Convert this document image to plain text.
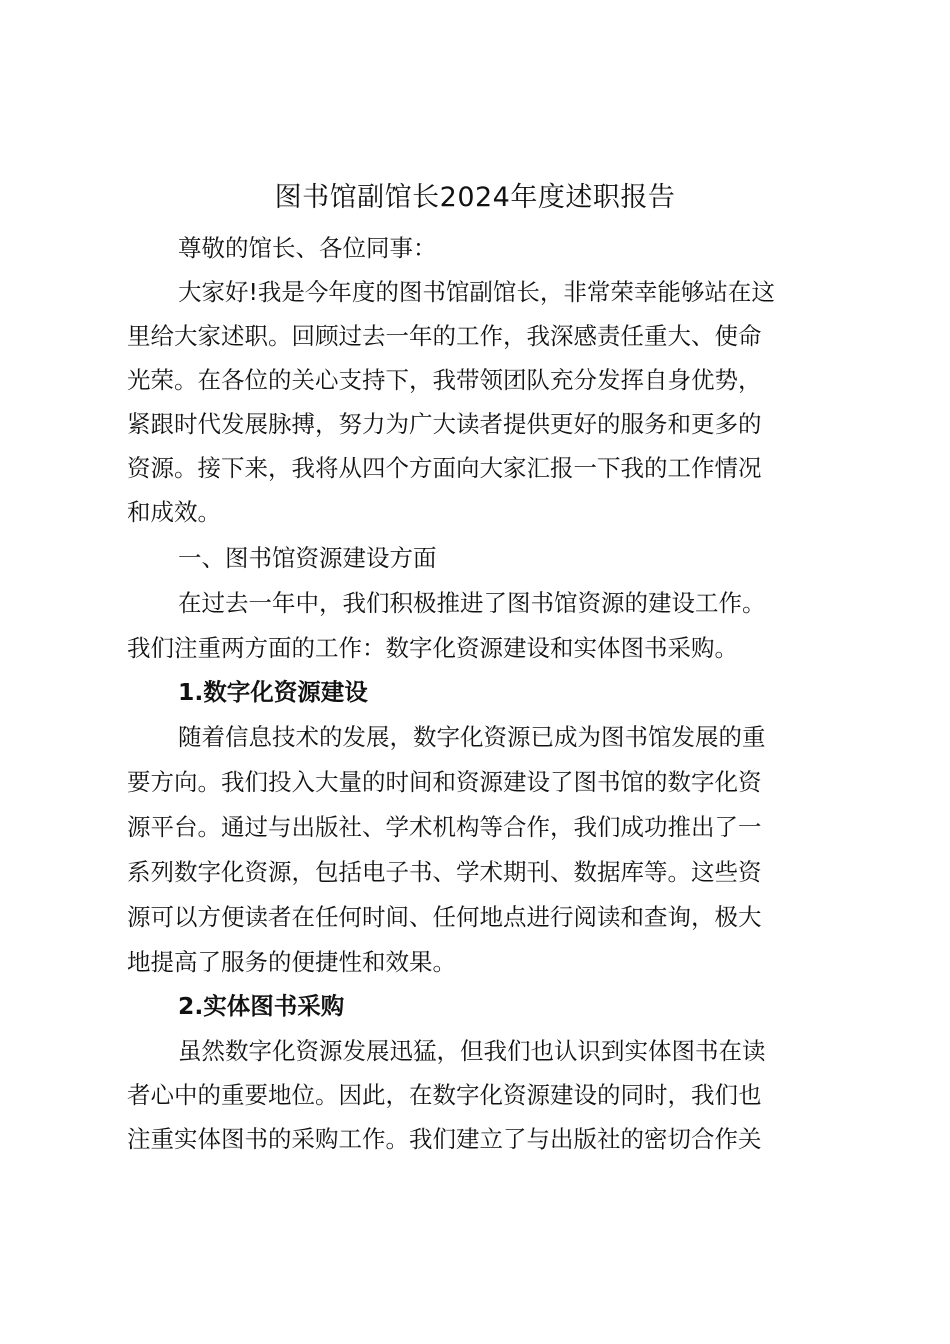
图书馆副馆长2024年度述职报告
尊敬的馆长、各位同事：
大家好!我是今年度的图书馆副馆长，非常荣幸能够站在这
里给大家述职。回顾过去一年的工作，我深感责任重大、使命
光荣。在各位的关心支持下，我带领团队充分发挥自身优势，
紧跟时代发展脉搏，努力为广大读者提供更好的服务和更多的
资源。接下来，我将从四个方面向大家汇报一下我的工作情况
和成效。
一、图书馆资源建设方面
在过去一年中，我们积极推进了图书馆资源的建设工作。
我们注重两方面的工作：数字化资源建设和实体图书采购。
1.数字化资源建设
随着信息技术的发展，数字化资源已成为图书馆发展的重
要方向。我们投入大量的时间和资源建设了图书馆的数字化资
源平台。通过与出版社、学术机构等合作，我们成功推出了一
系列数字化资源，包括电子书、学术期刊、数据库等。这些资
源可以方便读者在任何时间、任何地点进行阅读和查询，极大
地提高了服务的便捷性和效果。
2.实体图书采购
虽然数字化资源发展迅猛，但我们也认识到实体图书在读
者心中的重要地位。因此，在数字化资源建设的同时，我们也
注重实体图书的采购工作。我们建立了与出版社的密切合作关
